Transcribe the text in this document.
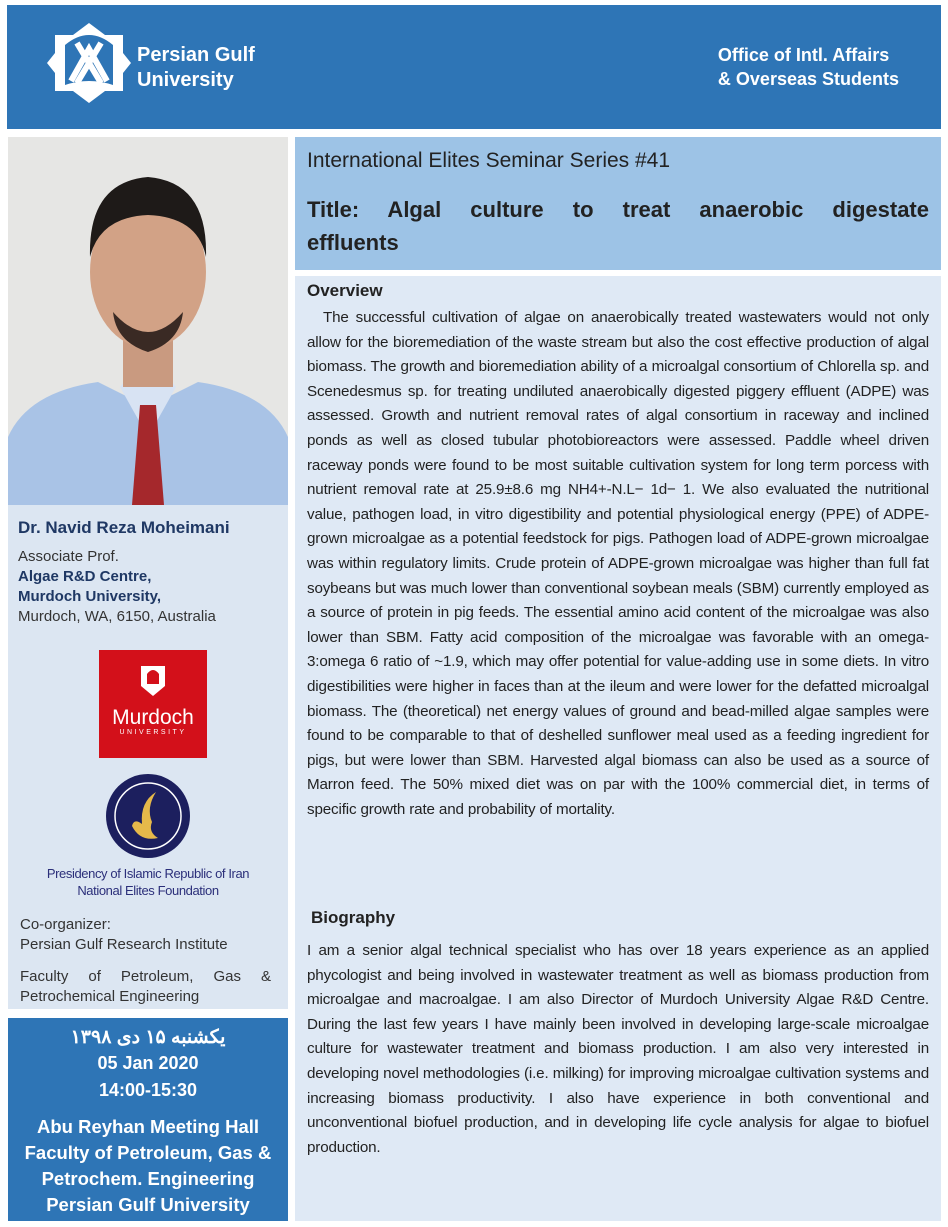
Persian Gulf
University
Office of Intl. Affairs
& Overseas Students
Dr. Navid Reza Moheimani
Associate Prof.
Algae R&D Centre,
Murdoch University,
Murdoch, WA, 6150, Australia
Murdoch
UNIVERSITY
Presidency of Islamic Republic of Iran
National Elites Foundation
Co-organizer:
Persian Gulf Research Institute
Faculty of Petroleum, Gas & Petrochemical Engineering
یکشنبه ۱۵ دی ۱۳۹۸
05 Jan 2020
14:00-15:30
Abu Reyhan Meeting Hall
Faculty of Petroleum, Gas &
Petrochem. Engineering
Persian Gulf University
International Elites Seminar Series #41
Title: Algal culture to treat anaerobic digestate effluents
Overview
The successful cultivation of algae on anaerobically treated wastewaters would not only allow for the bioremediation of the waste stream but also the cost effective production of algal biomass. The growth and bioremediation ability of a microalgal consortium of Chlorella sp. and Scenedesmus sp. for treating undiluted anaerobically digested piggery effluent (ADPE) was assessed. Growth and nutrient removal rates of algal consortium in raceway and inclined ponds as well as closed tubular photobioreactors were assessed. Paddle wheel driven raceway ponds were found to be most suitable cultivation system for long term porcess with nutrient removal rate at 25.9±8.6 mg NH4+-N.L− 1d− 1. We also evaluated the nutritional value, pathogen load, in vitro digestibility and potential physiological energy (PPE) of ADPE-grown microalgae as a potential feedstock for pigs. Pathogen load of ADPE-grown microalgae was within regulatory limits. Crude protein of ADPE-grown microalgae was higher than full fat soybeans but was much lower than conventional soybean meals (SBM) currently employed as a source of protein in pig feeds. The essential amino acid content of the microalgae was also lower than SBM. Fatty acid composition of the microalgae was favorable with an omega-3:omega 6 ratio of ~1.9, which may offer potential for value-adding use in some diets. In vitro digestibilities were higher in faces than at the ileum and were lower for the defatted microalgal biomass. The (theoretical) net energy values of ground and bead-milled algae samples were found to be comparable to that of deshelled sunflower meal used as a feeding ingredient for pigs, but were lower than SBM. Harvested algal biomass can also be used as a source of Marron feed. The 50% mixed diet was on par with the 100% commercial diet, in terms of specific growth rate and probability of mortality.
Biography
I am a senior algal technical specialist who has over 18 years experience as an applied phycologist and being involved in wastewater treatment as well as biomass production from microalgae and macroalgae. I am also Director of Murdoch University Algae R&D Centre. During the last few years I have mainly been involved in developing large-scale microalgae culture for wastewater treatment and biomass production. I am also very interested in developing novel methodologies (i.e. milking) for improving microalgae cultivation systems and increasing biomass productivity. I also have experience in both conventional and unconventional biofuel production, and in developing life cycle analysis for algae to biofuel production.
